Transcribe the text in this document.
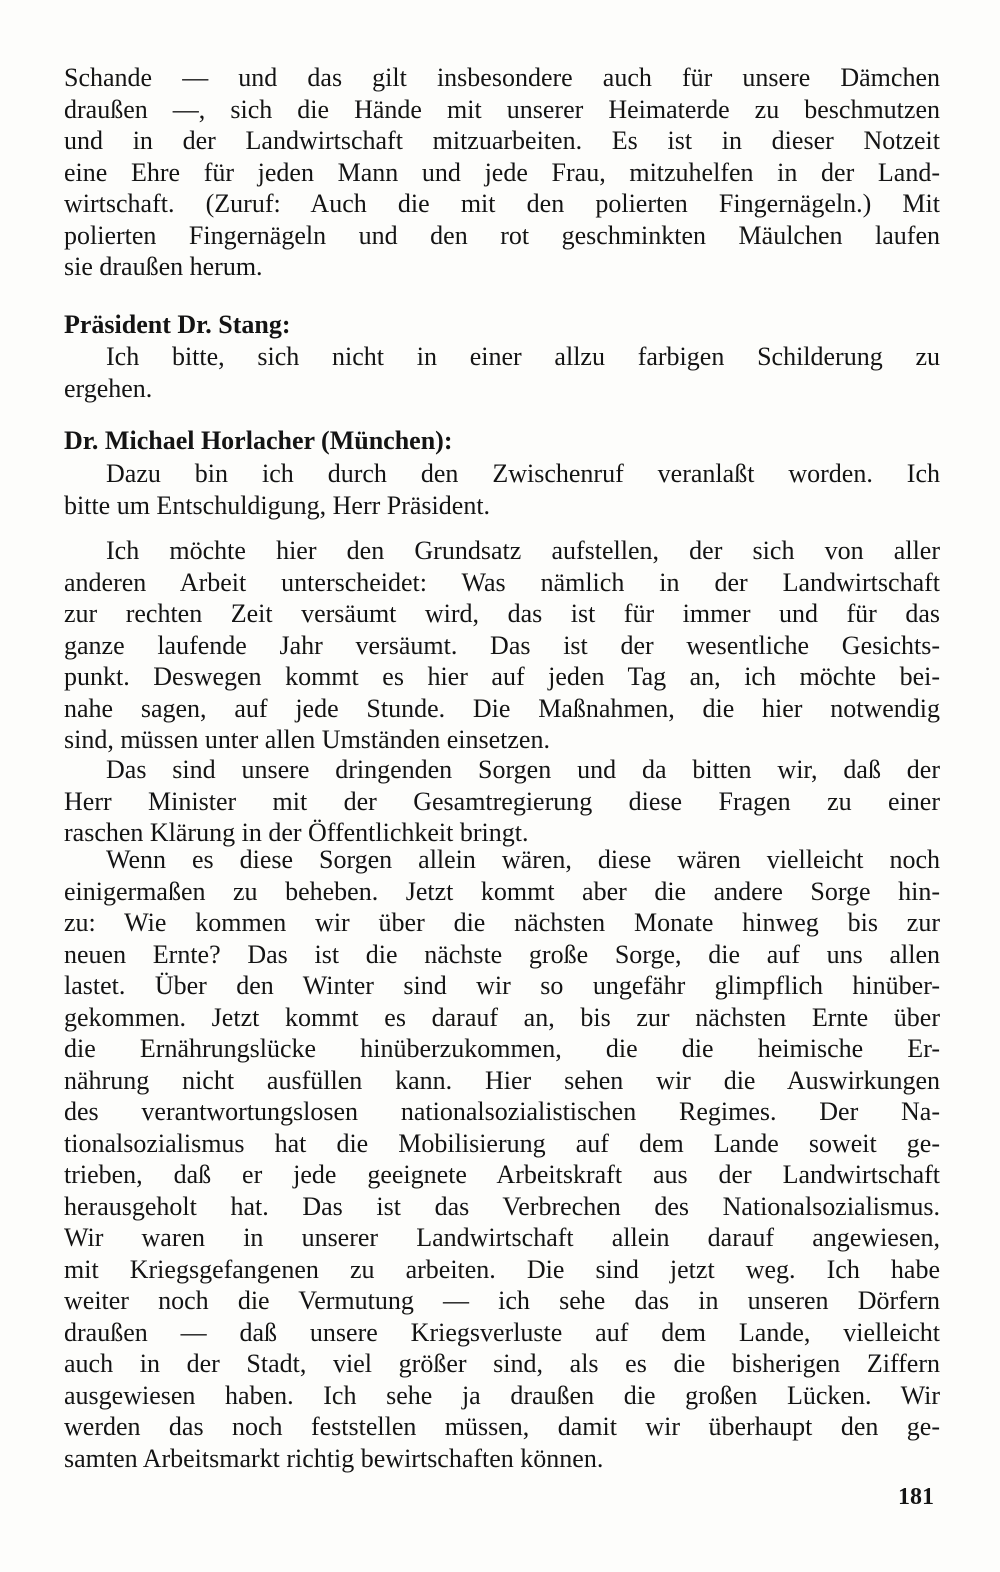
Schande — und das gilt insbesondere auch für unsere Dämchen
draußen —, sich die Hände mit unserer Heimaterde zu beschmutzen
und in der Landwirtschaft mitzuarbeiten. Es ist in dieser Notzeit
eine Ehre für jeden Mann und jede Frau, mitzuhelfen in der Land-
wirtschaft. (Zuruf: Auch die mit den polierten Fingernägeln.) Mit
polierten Fingernägeln und den rot geschminkten Mäulchen laufen
sie draußen herum.
Präsident Dr. Stang:
Ich bitte, sich nicht in einer allzu farbigen Schilderung zu
ergehen.
Dr. Michael Horlacher (München):
Dazu bin ich durch den Zwischenruf veranlaßt worden. Ich
bitte um Entschuldigung, Herr Präsident.
Ich möchte hier den Grundsatz aufstellen, der sich von aller
anderen Arbeit unterscheidet: Was nämlich in der Landwirtschaft
zur rechten Zeit versäumt wird, das ist für immer und für das
ganze laufende Jahr versäumt. Das ist der wesentliche Gesichts-
punkt. Deswegen kommt es hier auf jeden Tag an, ich möchte bei-
nahe sagen, auf jede Stunde. Die Maßnahmen, die hier notwendig
sind, müssen unter allen Umständen einsetzen.
Das sind unsere dringenden Sorgen und da bitten wir, daß der
Herr Minister mit der Gesamtregierung diese Fragen zu einer
raschen Klärung in der Öffentlichkeit bringt.
Wenn es diese Sorgen allein wären, diese wären vielleicht noch
einigermaßen zu beheben. Jetzt kommt aber die andere Sorge hin-
zu: Wie kommen wir über die nächsten Monate hinweg bis zur
neuen Ernte? Das ist die nächste große Sorge, die auf uns allen
lastet. Über den Winter sind wir so ungefähr glimpflich hinüber-
gekommen. Jetzt kommt es darauf an, bis zur nächsten Ernte über
die Ernährungslücke hinüberzukommen, die die heimische Er-
nährung nicht ausfüllen kann. Hier sehen wir die Auswirkungen
des verantwortungslosen nationalsozialistischen Regimes. Der Na-
tionalsozialismus hat die Mobilisierung auf dem Lande soweit ge-
trieben, daß er jede geeignete Arbeitskraft aus der Landwirtschaft
herausgeholt hat. Das ist das Verbrechen des Nationalsozialismus.
Wir waren in unserer Landwirtschaft allein darauf angewiesen,
mit Kriegsgefangenen zu arbeiten. Die sind jetzt weg. Ich habe
weiter noch die Vermutung — ich sehe das in unseren Dörfern
draußen — daß unsere Kriegsverluste auf dem Lande, vielleicht
auch in der Stadt, viel größer sind, als es die bisherigen Ziffern
ausgewiesen haben. Ich sehe ja draußen die großen Lücken. Wir
werden das noch feststellen müssen, damit wir überhaupt den ge-
samten Arbeitsmarkt richtig bewirtschaften können.
181
